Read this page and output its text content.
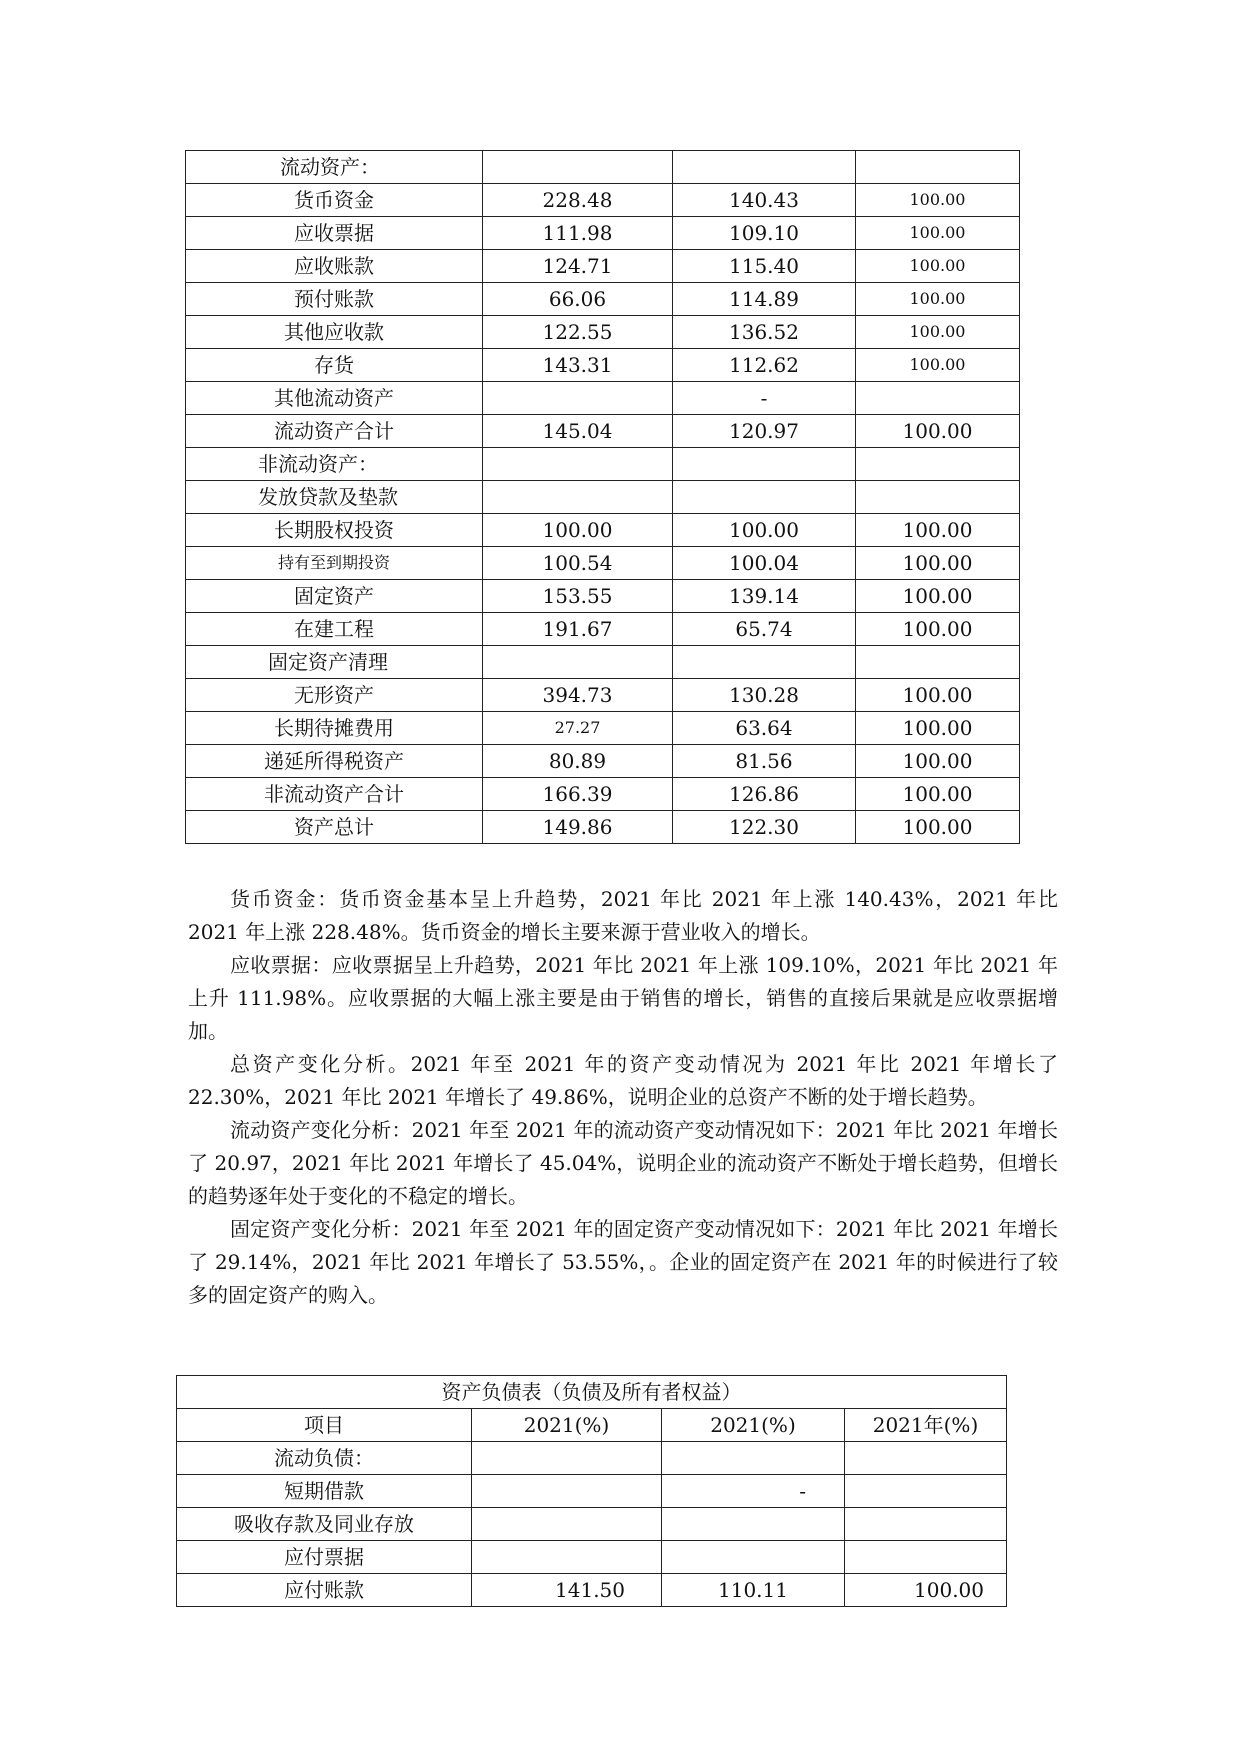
流动资产：			
货币资金	228.48	140.43	100.00
应收票据	111.98	109.10	100.00
应收账款	124.71	115.40	100.00
预付账款	66.06	114.89	100.00
其他应收款	122.55	136.52	100.00
存货	143.31	112.62	100.00
其他流动资产		-	
流动资产合计	145.04	120.97	100.00
非流动资产：			
发放贷款及垫款			
长期股权投资	100.00	100.00	100.00
持有至到期投资	100.54	100.04	100.00
固定资产	153.55	139.14	100.00
在建工程	191.67	65.74	100.00
固定资产清理			
无形资产	394.73	130.28	100.00
长期待摊费用	27.27	63.64	100.00
递延所得税资产	80.89	81.56	100.00
非流动资产合计	166.39	126.86	100.00
资产总计	149.86	122.30	100.00

货币资金：货币资金基本呈上升趋势，2021 年比 2021 年上涨 140.43%，2021 年比 2021 年上涨 228.48%。货币资金的增长主要来源于营业收入的增长。

应收票据：应收票据呈上升趋势，2021 年比 2021 年上涨 109.10%，2021 年比 2021 年上升 111.98%。应收票据的大幅上涨主要是由于销售的增长，销售的直接后果就是应收票据增加。

总资产变化分析。2021 年至 2021 年的资产变动情况为 2021 年比 2021 年增长了 22.30%，2021 年比 2021 年增长了 49.86%，说明企业的总资产不断的处于增长趋势。

流动资产变化分析：2021 年至 2021 年的流动资产变动情况如下：2021 年比 2021 年增长了 20.97，2021 年比 2021 年增长了 45.04%，说明企业的流动资产不断处于增长趋势，但增长的趋势逐年处于变化的不稳定的增长。

固定资产变化分析：2021 年至 2021 年的固定资产变动情况如下：2021 年比 2021 年增长了 29.14%，2021 年比 2021 年增长了 53.55%，。企业的固定资产在 2021 年的时候进行了较多的固定资产的购入。

资产负债表（负债及所有者权益）			
项目	2021(%)	2021(%)	2021年(%)
流动负债：			
短期借款		-	
吸收存款及同业存放			
应付票据			
应付账款	141.50	110.11	100.00
